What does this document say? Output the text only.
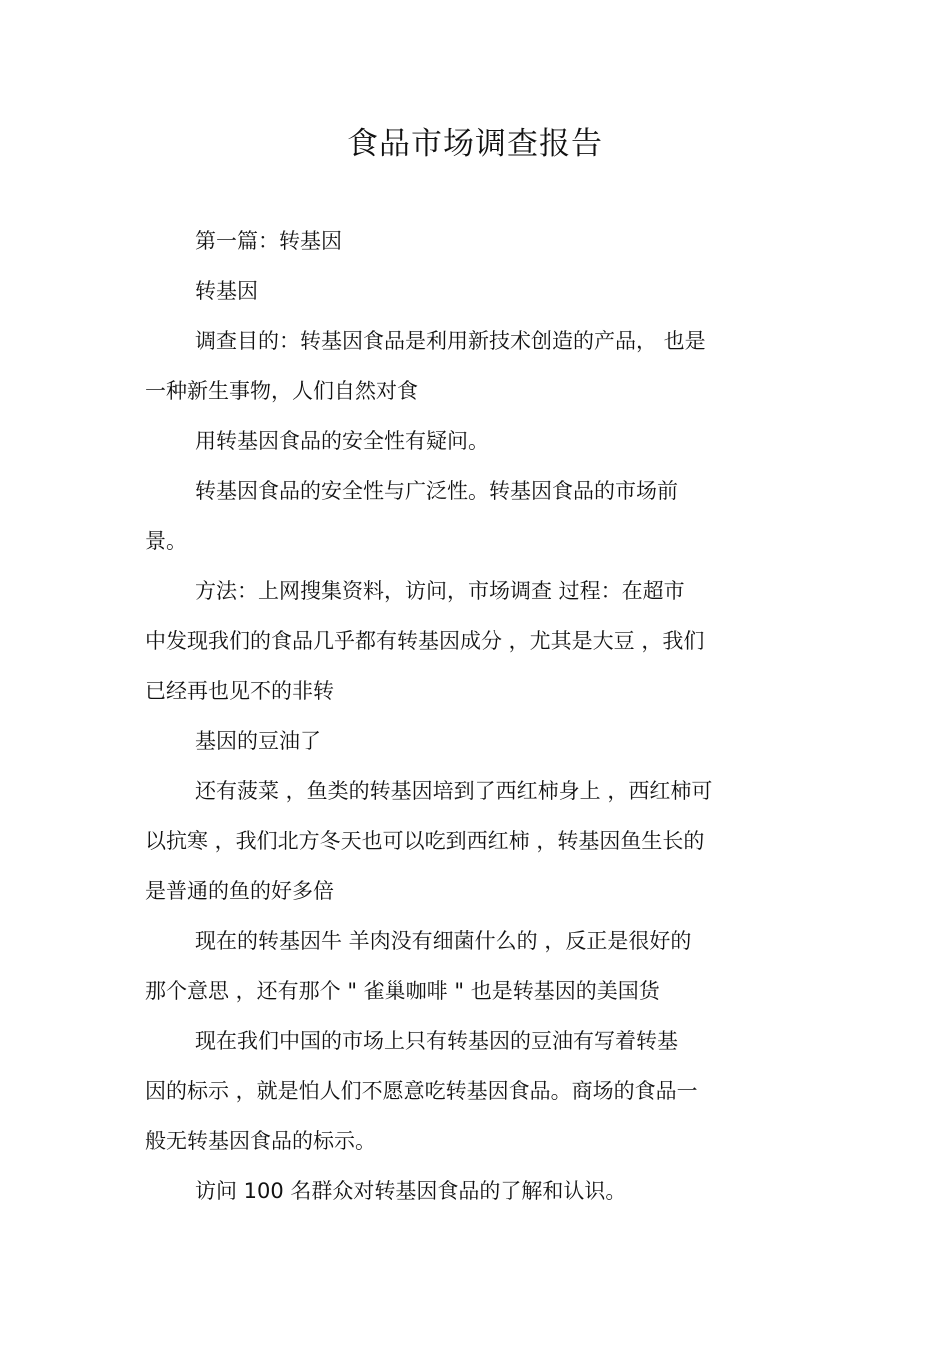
食品市场调查报告
第一篇：转基因
转基因
调查目的：转基因食品是利用新技术创造的产品， 也是
一种新生事物，人们自然对食
用转基因食品的安全性有疑问。
转基因食品的安全性与广泛性。转基因食品的市场前
景。
方法：上网搜集资料，访问，市场调查 过程：在超市
中发现我们的食品几乎都有转基因成分 ，尤其是大豆 ，我们
已经再也见不的非转
基因的豆油了
还有菠菜 ，鱼类的转基因培到了西红柿身上 ，西红柿可
以抗寒 ，我们北方冬天也可以吃到西红柿 ，转基因鱼生长的
是普通的鱼的好多倍
现在的转基因牛 羊肉没有细菌什么的 ，反正是很好的
那个意思 ，还有那个 " 雀巢咖啡 " 也是转基因的美国货
现在我们中国的市场上只有转基因的豆油有写着转基
因的标示 ，就是怕人们不愿意吃转基因食品。商场的食品一
般无转基因食品的标示。
访问 100 名群众对转基因食品的了解和认识。
